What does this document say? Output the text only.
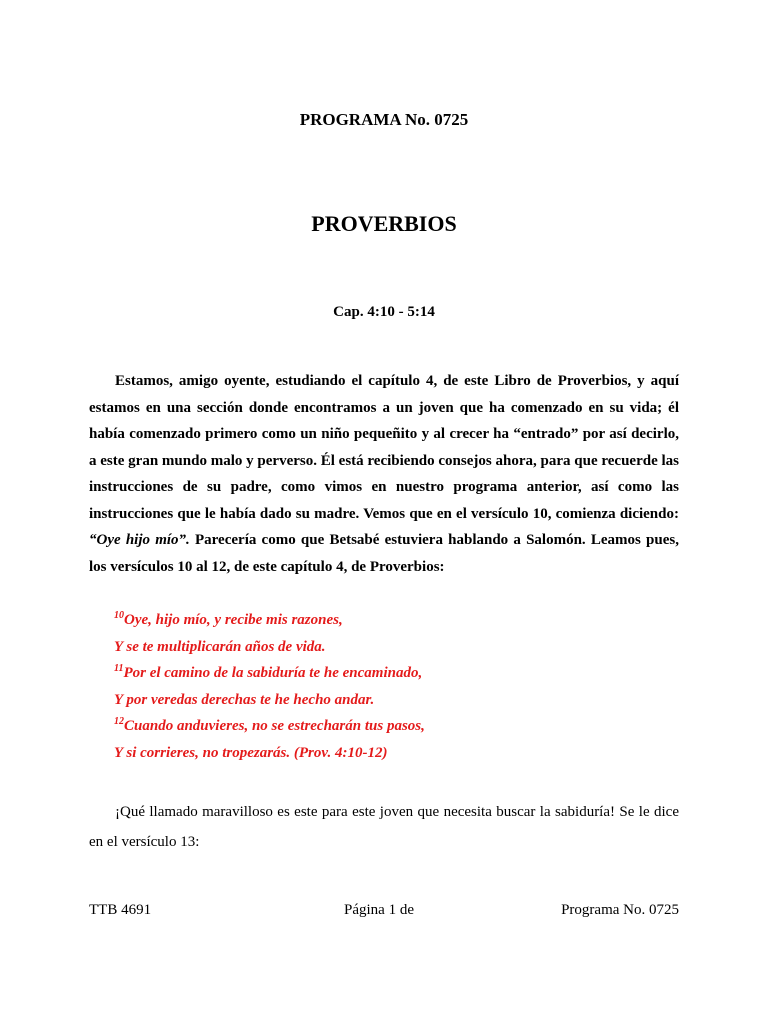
PROGRAMA No. 0725
PROVERBIOS
Cap. 4:10 - 5:14

Estamos, amigo oyente, estudiando el capítulo 4, de este Libro de Proverbios, y aquí estamos en una sección donde encontramos a un joven que ha comenzado en su vida; él había comenzado primero como un niño pequeñito y al crecer ha “entrado” por así decirlo, a este gran mundo malo y perverso. Él está recibiendo consejos ahora, para que recuerde las instrucciones de su padre, como vimos en nuestro programa anterior, así como las instrucciones que le había dado su madre. Vemos que en el versículo 10, comienza diciendo: “Oye hijo mío”. Parecería como que Betsabé estuviera hablando a Salomón. Leamos pues, los versículos 10 al 12, de este capítulo 4, de Proverbios:

$^{10}$Oye, hijo mío, y recibe mis razones,
Y se te multiplicarán años de vida.
$^{11}$Por el camino de la sabiduría te he encaminado,
Y por veredas derechas te he hecho andar.
$^{12}$Cuando anduvieres, no se estrecharán tus pasos,
Y si corrieres, no tropezarás. (Prov. 4:10-12)

¡Qué llamado maravilloso es este para este joven que necesita buscar la sabiduría! Se le dice en el versículo 13:

TTB 4691	Página 1 de	Programa No. 0725
